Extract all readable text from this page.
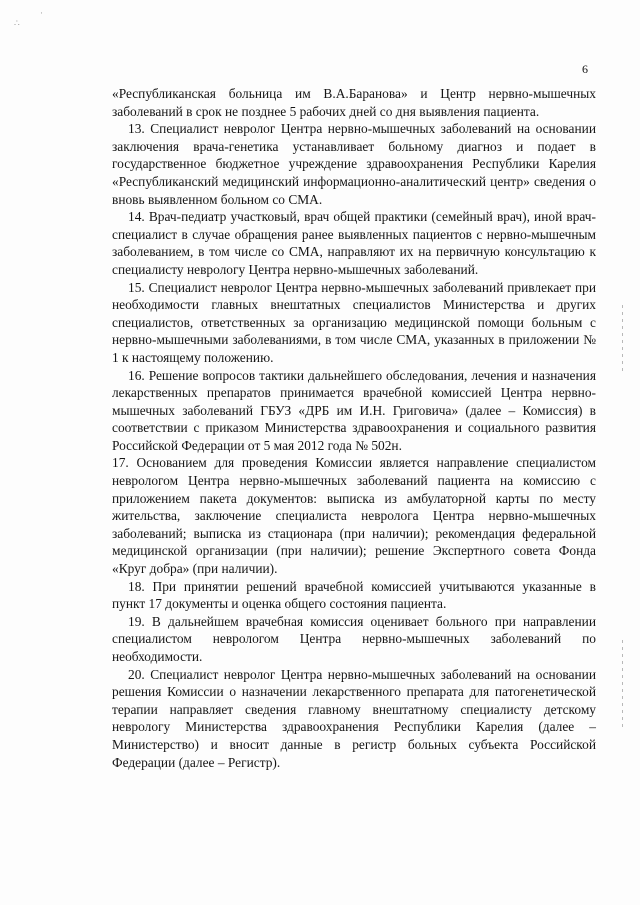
∴
·
6

«Республиканская больница им В.А.Баранова» и Центр нервно-мышечных заболеваний в срок не позднее 5 рабочих дней со дня выявления пациента.

13. Специалист невролог Центра нервно-мышечных заболеваний на основании заключения врача-генетика устанавливает больному диагноз и подает в государственное бюджетное учреждение здравоохранения Республики Карелия «Республиканский медицинский информационно-аналитический центр» сведения о вновь выявленном больном со СМА.

14. Врач-педиатр участковый, врач общей практики (семейный врач), иной врач-специалист в случае обращения ранее выявленных пациентов с нервно-мышечным заболеванием, в том числе со СМА, направляют их на первичную консультацию к специалисту неврологу Центра нервно-мышечных заболеваний.

15. Специалист невролог Центра нервно-мышечных заболеваний привлекает при необходимости главных внештатных специалистов Министерства и других специалистов, ответственных за организацию медицинской помощи больным с нервно-мышечными заболеваниями, в том числе СМА, указанных в приложении № 1 к настоящему положению.

16. Решение вопросов тактики дальнейшего обследования, лечения и назначения лекарственных препаратов принимается врачебной комиссией Центра нервно-мышечных заболеваний ГБУЗ «ДРБ им И.Н. Григовича» (далее – Комиссия) в соответствии с приказом Министерства здравоохранения и социального развития Российской Федерации от 5 мая 2012 года № 502н.

17. Основанием для проведения Комиссии является направление специалистом неврологом Центра нервно-мышечных заболеваний пациента на комиссию с приложением пакета документов: выписка из амбулаторной карты по месту жительства, заключение специалиста невролога Центра нервно-мышечных заболеваний; выписка из стационара (при наличии); рекомендация федеральной медицинской организации (при наличии); решение Экспертного совета Фонда «Круг добра» (при наличии).

18. При принятии решений врачебной комиссией учитываются указанные в пункт 17 документы и оценка общего состояния пациента.

19. В дальнейшем врачебная комиссия оценивает больного при направлении специалистом неврологом Центра нервно-мышечных заболеваний по необходимости.

20. Специалист невролог Центра нервно-мышечных заболеваний на основании решения Комиссии о назначении лекарственного препарата для патогенетической терапии направляет сведения главному внештатному специалисту детскому неврологу Министерства здравоохранения Республики Карелия (далее – Министерство) и вносит данные в регистр больных субъекта Российской Федерации (далее – Регистр).
